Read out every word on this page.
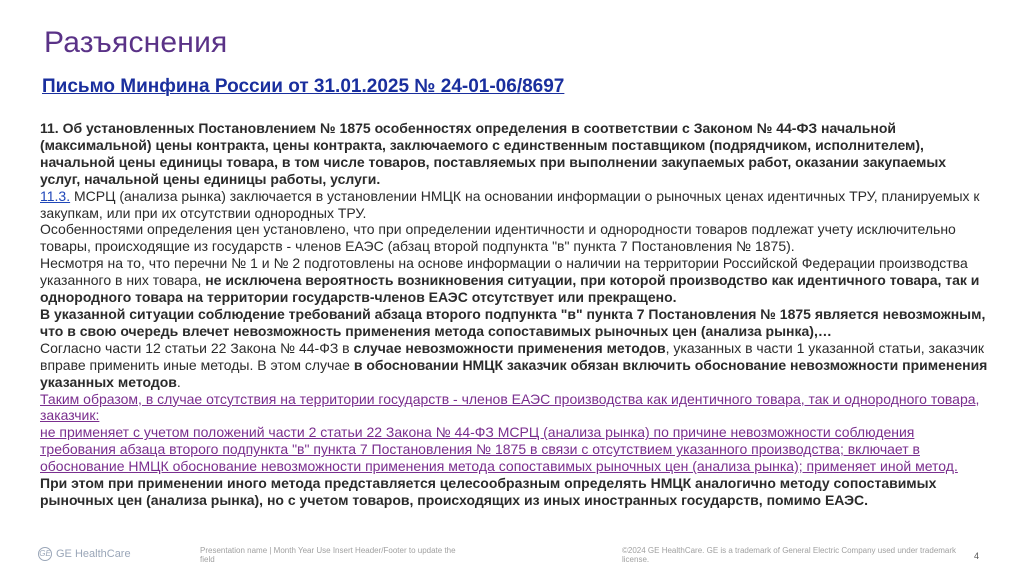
Разъяснения
Письмо Минфина России от 31.01.2025 № 24-01-06/8697

11. Об установленных Постановлением № 1875 особенностях определения в соответствии с Законом № 44-ФЗ начальной (максимальной) цены контракта, цены контракта, заключаемого с единственным поставщиком (подрядчиком, исполнителем), начальной цены единицы товара, в том числе товаров, поставляемых при выполнении закупаемых работ, оказании закупаемых услуг, начальной цены единицы работы, услуги.

11.3. МСРЦ (анализа рынка) заключается в установлении НМЦК на основании информации о рыночных ценах идентичных ТРУ, планируемых к закупкам, или при их отсутствии однородных ТРУ.

Особенностями определения цен установлено, что при определении идентичности и однородности товаров подлежат учету исключительно товары, происходящие из государств - членов ЕАЭС (абзац второй подпункта "в" пункта 7 Постановления № 1875).

Несмотря на то, что перечни № 1 и № 2 подготовлены на основе информации о наличии на территории Российской Федерации производства указанного в них товара, не исключена вероятность возникновения ситуации, при которой производство как идентичного товара, так и однородного товара на территории государств-членов ЕАЭС отсутствует или прекращено.

В указанной ситуации соблюдение требований абзаца второго подпункта "в" пункта 7 Постановления № 1875 является невозможным, что в свою очередь влечет невозможность применения метода сопоставимых рыночных цен (анализа рынка),…

Согласно части 12 статьи 22 Закона № 44-ФЗ в случае невозможности применения методов, указанных в части 1 указанной статьи, заказчик вправе применить иные методы. В этом случае в обосновании НМЦК заказчик обязан включить обоснование невозможности применения указанных методов.

Таким образом, в случае отсутствия на территории государств - членов ЕАЭС производства как идентичного товара, так и однородного товара, заказчик:

не применяет с учетом положений части 2 статьи 22 Закона № 44-ФЗ МСРЦ (анализа рынка) по причине невозможности соблюдения требования абзаца второго подпункта "в" пункта 7 Постановления № 1875 в связи с отсутствием указанного производства; включает в обоснование НМЦК обоснование невозможности применения метода сопоставимых рыночных цен (анализа рынка); применяет иной метод.

При этом при применении иного метода представляется целесообразным определять НМЦК аналогично методу сопоставимых рыночных цен (анализа рынка), но с учетом товаров, происходящих из иных иностранных государств, помимо ЕАЭС.

GE GE HealthCare	Presentation name | Month Year Use Insert Header/Footer to update the field
©2024 GE HealthCare. GE is a trademark of General Electric Company used under trademark license.	4
